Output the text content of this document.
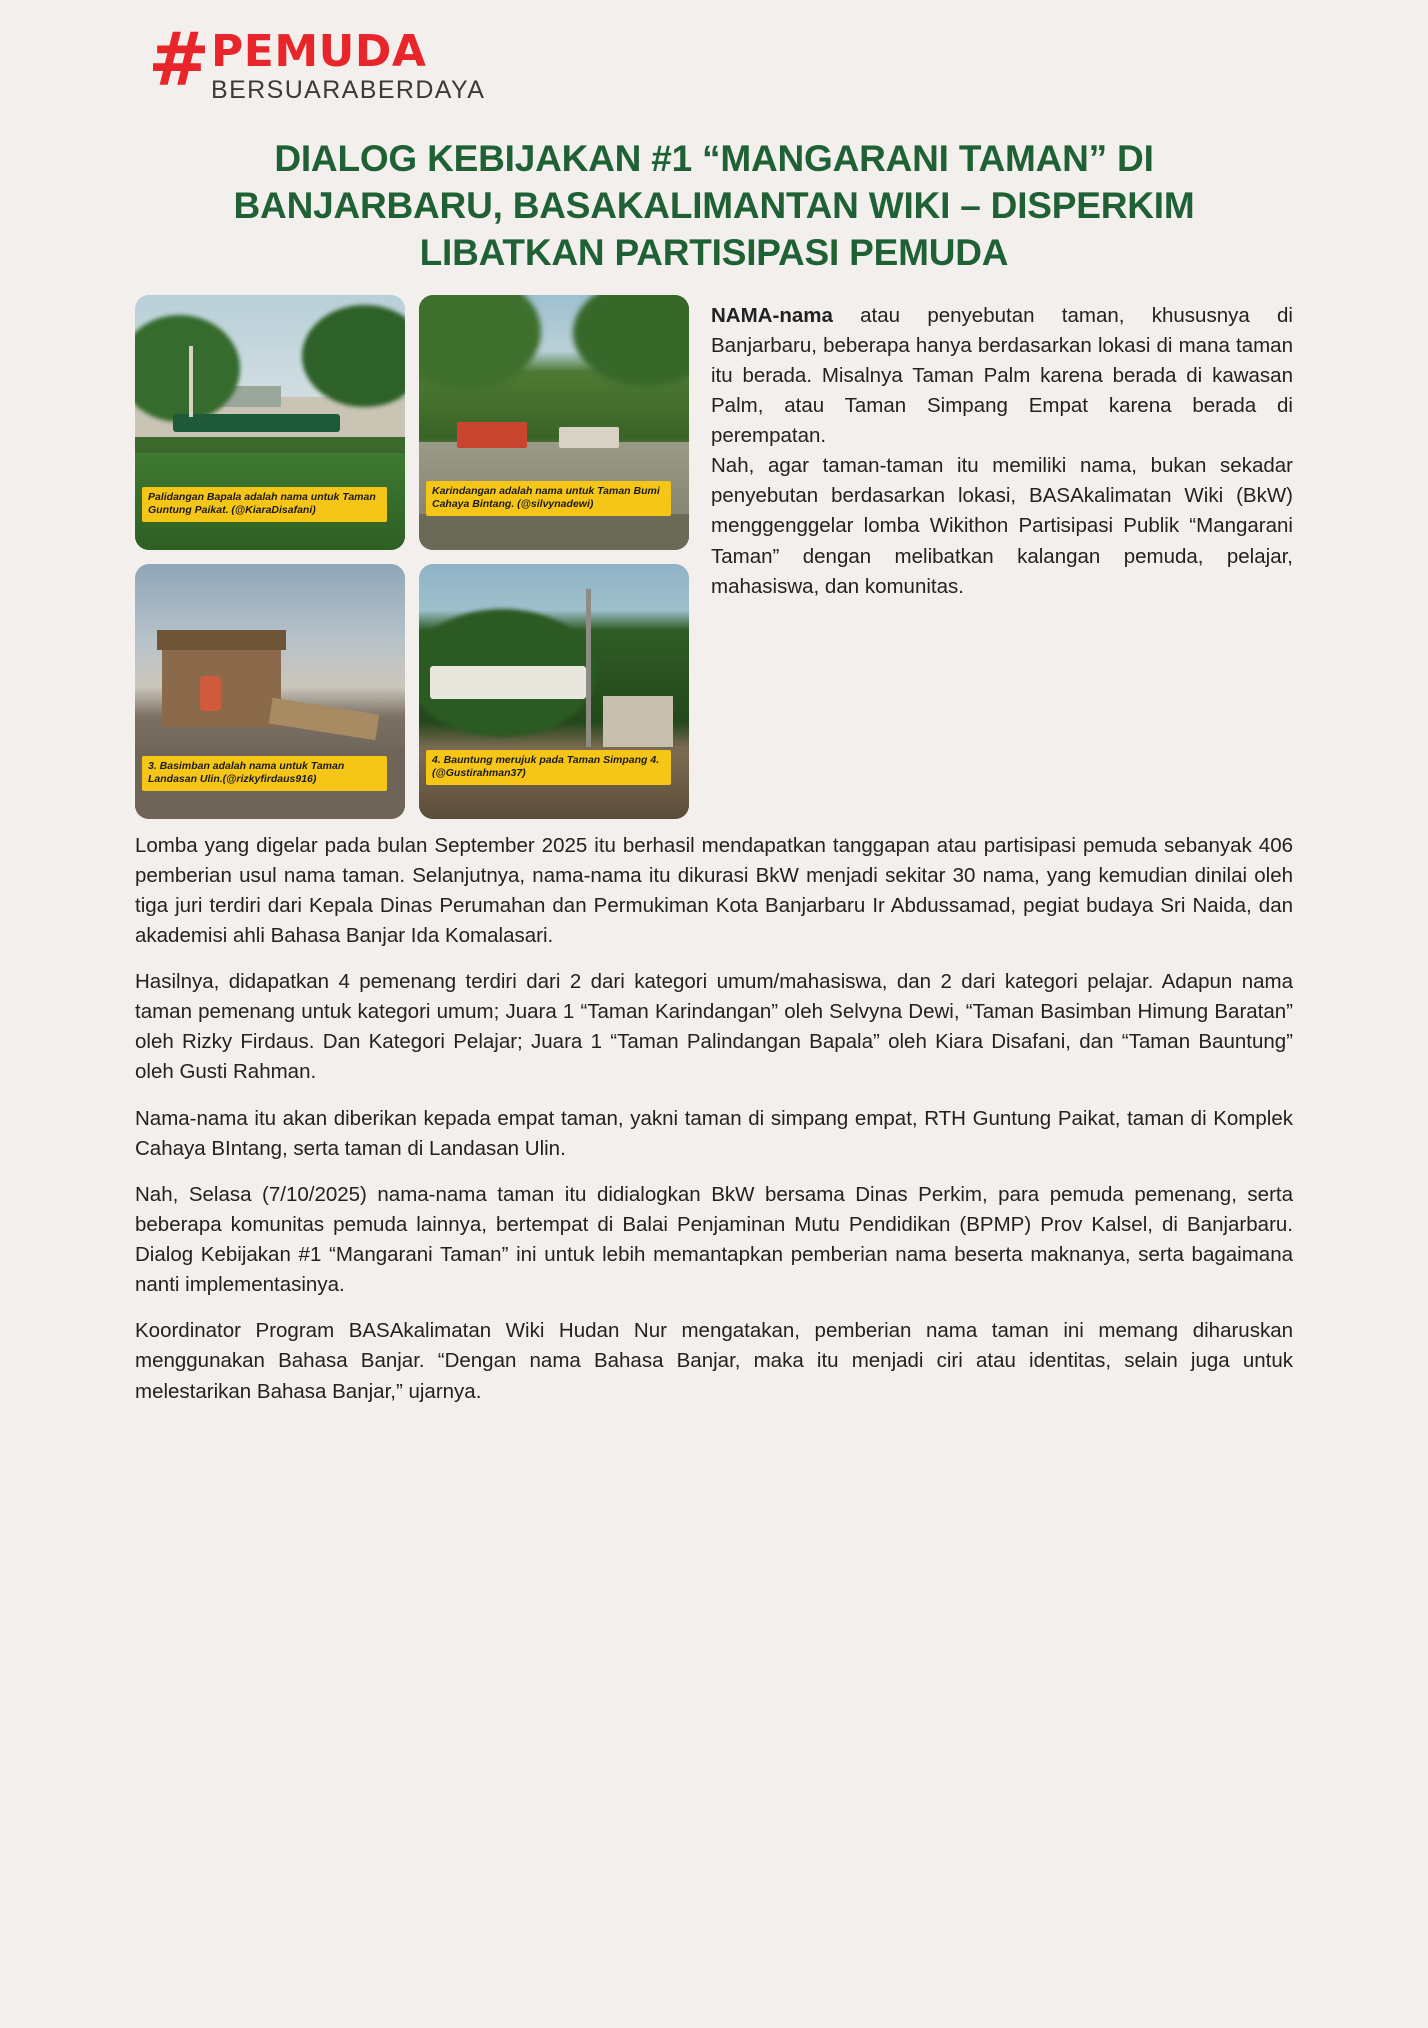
# PEMUDA
BERSUARABERDAYA
DIALOG KEBIJAKAN #1 “MANGARANI TAMAN” DI BANJARBARU, BASAKALIMANTAN WIKI – DISPERKIM LIBATKAN PARTISIPASI PEMUDA
Palidangan Bapala adalah nama untuk Taman Guntung Paikat. (@KiaraDisafani)
Karindangan adalah nama untuk Taman Bumi Cahaya Bintang. (@silvynadewi)
3. Basimban adalah nama untuk Taman Landasan Ulin.(@rizkyfirdaus916)
4. Bauntung merujuk pada Taman Simpang 4. (@Gustirahman37)

NAMA-nama atau penyebutan taman, khususnya di Banjarbaru, beberapa hanya berdasarkan lokasi di mana taman itu berada. Misalnya Taman Palm karena berada di kawasan Palm, atau Taman Simpang Empat karena berada di perempatan.

Nah, agar taman-taman itu memiliki nama, bukan sekadar penyebutan berdasarkan lokasi, BASAkalimatan Wiki (BkW) menggenggelar lomba Wikithon Partisipasi Publik “Mangarani Taman” dengan melibatkan kalangan pemuda, pelajar, mahasiswa, dan komunitas.

Lomba yang digelar pada bulan September 2025 itu berhasil mendapatkan tanggapan atau partisipasi pemuda sebanyak 406 pemberian usul nama taman. Selanjutnya, nama-nama itu dikurasi BkW menjadi sekitar 30 nama, yang kemudian dinilai oleh tiga juri terdiri dari Kepala Dinas Perumahan dan Permukiman Kota Banjarbaru Ir Abdussamad, pegiat budaya Sri Naida, dan akademisi ahli Bahasa Banjar Ida Komalasari.

Hasilnya, didapatkan 4 pemenang terdiri dari 2 dari kategori umum/mahasiswa, dan 2 dari kategori pelajar. Adapun nama taman pemenang untuk kategori umum; Juara 1 “Taman Karindangan” oleh Selvyna Dewi, “Taman Basimban Himung Baratan” oleh Rizky Firdaus. Dan Kategori Pelajar; Juara 1 “Taman Palindangan Bapala” oleh Kiara Disafani, dan “Taman Bauntung” oleh Gusti Rahman.

Nama-nama itu akan diberikan kepada empat taman, yakni taman di simpang empat, RTH Guntung Paikat, taman di Komplek Cahaya BIntang, serta taman di Landasan Ulin.

Nah, Selasa (7/10/2025) nama-nama taman itu didialogkan BkW bersama Dinas Perkim, para pemuda pemenang, serta beberapa komunitas pemuda lainnya, bertempat di Balai Penjaminan Mutu Pendidikan (BPMP) Prov Kalsel, di Banjarbaru. Dialog Kebijakan #1 “Mangarani Taman” ini untuk lebih memantapkan pemberian nama beserta maknanya, serta bagaimana nanti implementasinya.

Koordinator Program BASAkalimatan Wiki Hudan Nur mengatakan, pemberian nama taman ini memang diharuskan menggunakan Bahasa Banjar. “Dengan nama Bahasa Banjar, maka itu menjadi ciri atau identitas, selain juga untuk melestarikan Bahasa Banjar,” ujarnya.
